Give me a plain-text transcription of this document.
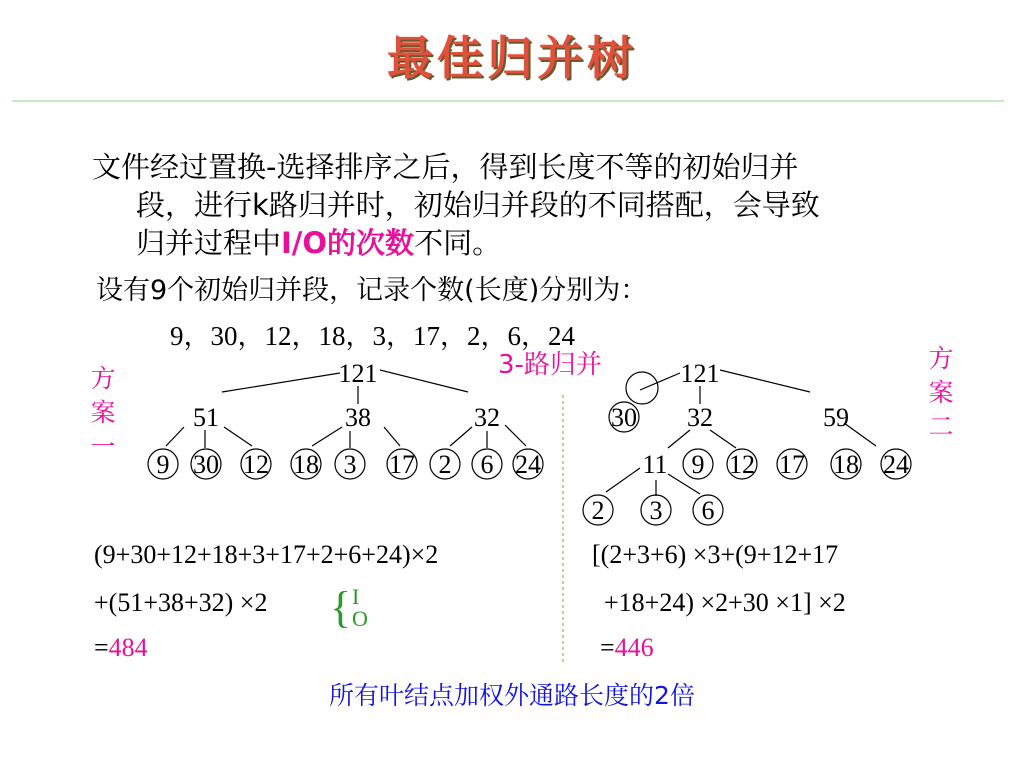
最佳归并树
文件经过置换-选择排序之后，得到长度不等的初始归并
段，进行k路归并时，初始归并段的不同搭配，会导致
归并过程中I/O的次数不同。
设有9个初始归并段，记录个数(长度)分别为：
9，30，12，18，3，17，2，6，24
3-路归并
方
案
一
方
案
二
121
51	38	32
9 30 12 18 3 17 2 6 24
121
30 32	59
11 9 12 17 18 24
2 3 6
(9+30+12+18+3+17+2+6+24)×2
+(51+38+32) ×2
=484
{ I
O
[(2+3+6) ×3+(9+12+17
+18+24) ×2+30 ×1] ×2
=446
所有叶结点加权外通路长度的2倍
